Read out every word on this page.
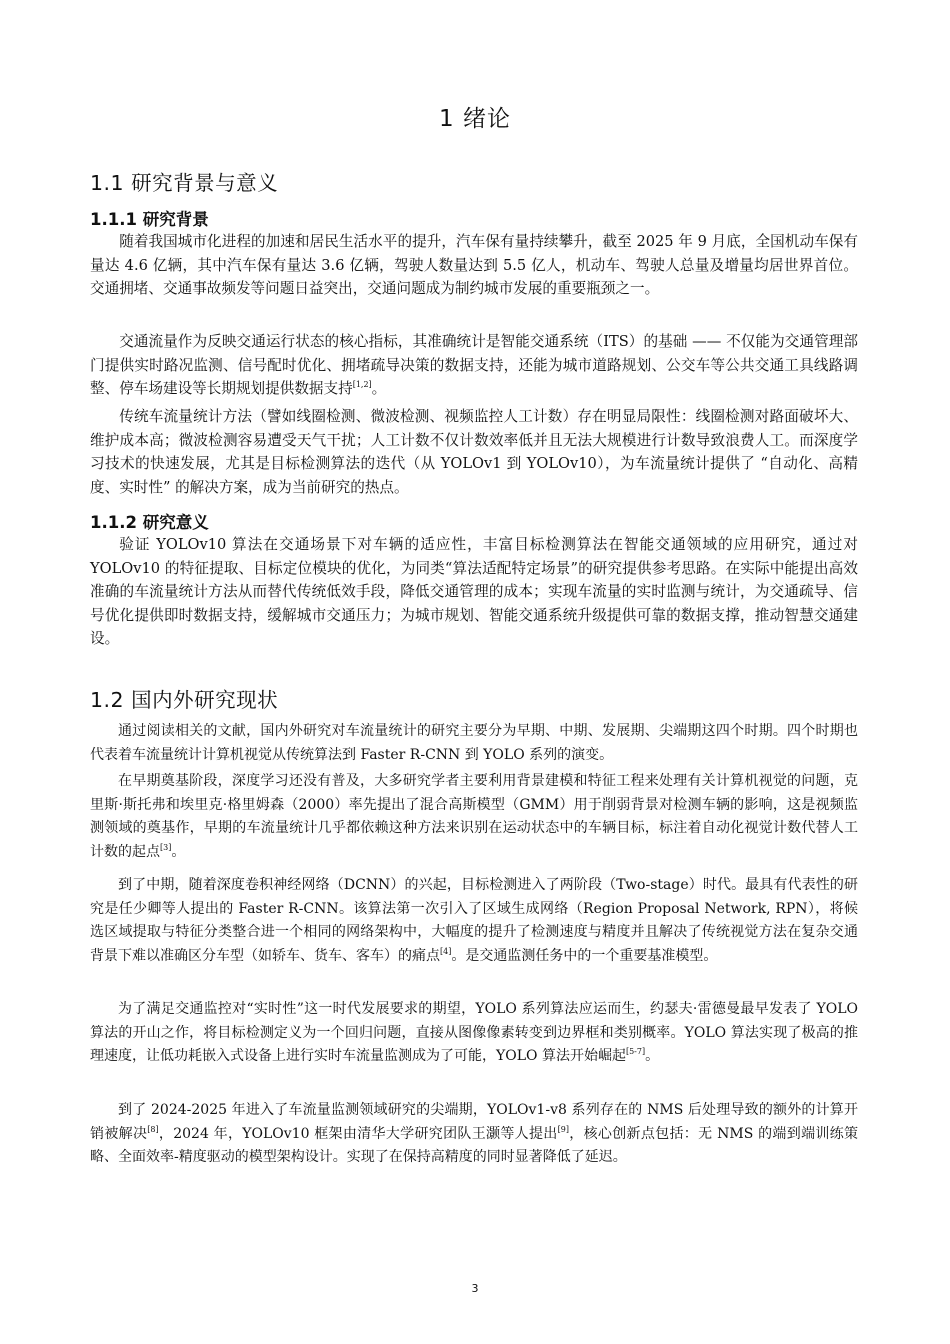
1 绪论
1.1 研究背景与意义
1.1.1 研究背景

随着我国城市化进程的加速和居民生活水平的提升，汽车保有量持续攀升，截至 2025 年 9 月底，全国机动车保有量达 4.6 亿辆，其中汽车保有量达 3.6 亿辆，驾驶人数量达到 5.5 亿人，机动车、驾驶人总量及增量均居世界首位。交通拥堵、交通事故频发等问题日益突出，交通问题成为制约城市发展的重要瓶颈之一。

交通流量作为反映交通运行状态的核心指标，其准确统计是智能交通系统（ITS）的基础 —— 不仅能为交通管理部门提供实时路况监测、信号配时优化、拥堵疏导决策的数据支持，还能为城市道路规划、公交车等公共交通工具线路调整、停车场建设等长期规划提供数据支持[1,2]。

传统车流量统计方法（譬如线圈检测、微波检测、视频监控人工计数）存在明显局限性：线圈检测对路面破坏大、维护成本高；微波检测容易遭受天气干扰；人工计数不仅计数效率低并且无法大规模进行计数导致浪费人工。而深度学习技术的快速发展，尤其是目标检测算法的迭代（从 YOLOv1 到 YOLOv10），为车流量统计提供了 “自动化、高精度、实时性” 的解决方案，成为当前研究的热点。

1.1.2 研究意义

验证 YOLOv10 算法在交通场景下对车辆的适应性，丰富目标检测算法在智能交通领域的应用研究，通过对 YOLOv10 的特征提取、目标定位模块的优化，为同类“算法适配特定场景”的研究提供参考思路。在实际中能提出高效准确的车流量统计方法从而替代传统低效手段，降低交通管理的成本；实现车流量的实时监测与统计，为交通疏导、信号优化提供即时数据支持，缓解城市交通压力；为城市规划、智能交通系统升级提供可靠的数据支撑，推动智慧交通建设。

1.2 国内外研究现状

通过阅读相关的文献，国内外研究对车流量统计的研究主要分为早期、中期、发展期、尖端期这四个时期。四个时期也代表着车流量统计计算机视觉从传统算法到 Faster R-CNN 到 YOLO 系列的演变。

在早期奠基阶段，深度学习还没有普及，大多研究学者主要利用背景建模和特征工程来处理有关计算机视觉的问题，克里斯·斯托弗和埃里克·格里姆森（2000）率先提出了混合高斯模型（GMM）用于削弱背景对检测车辆的影响，这是视频监测领域的奠基作，早期的车流量统计几乎都依赖这种方法来识别在运动状态中的车辆目标，标注着自动化视觉计数代替人工计数的起点[3]。

到了中期，随着深度卷积神经网络（DCNN）的兴起，目标检测进入了两阶段（Two-stage）时代。最具有代表性的研究是任少卿等人提出的 Faster R-CNN。该算法第一次引入了区域生成网络（Region Proposal Network, RPN），将候选区域提取与特征分类整合进一个相同的网络架构中，大幅度的提升了检测速度与精度并且解决了传统视觉方法在复杂交通背景下难以准确区分车型（如轿车、货车、客车）的痛点[4]。是交通监测任务中的一个重要基准模型。

为了满足交通监控对“实时性”这一时代发展要求的期望，YOLO 系列算法应运而生，约瑟夫·雷德曼最早发表了 YOLO 算法的开山之作，将目标检测定义为一个回归问题，直接从图像像素转变到边界框和类别概率。YOLO 算法实现了极高的推理速度，让低功耗嵌入式设备上进行实时车流量监测成为了可能，YOLO 算法开始崛起[5-7]。

到了 2024-2025 年进入了车流量监测领域研究的尖端期，YOLOv1-v8 系列存在的 NMS 后处理导致的额外的计算开销被解决[8]，2024 年，YOLOv10 框架由清华大学研究团队王灏等人提出[9]，核心创新点包括：无 NMS 的端到端训练策略、全面效率-精度驱动的模型架构设计。实现了在保持高精度的同时显著降低了延迟。

3
